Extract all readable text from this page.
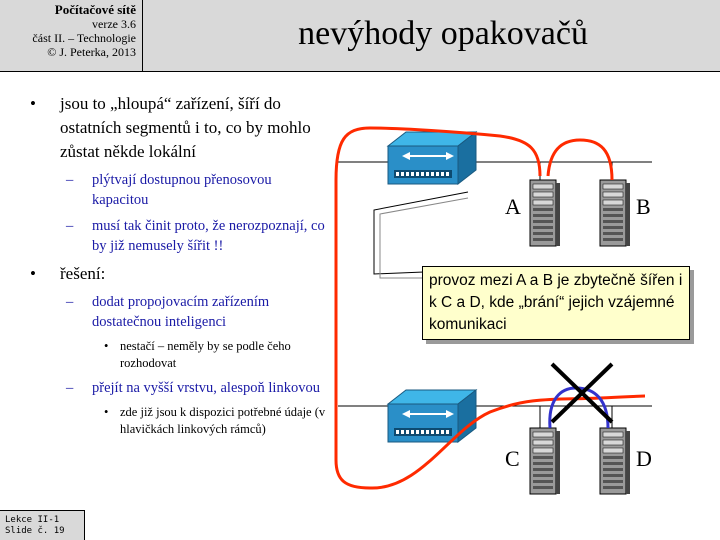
Počítačové sítě
verze 3.6
část II. – Technologie
© J. Peterka, 2013	nevýhody opakovačů
• jsou to „hloupá“ zařízení, šíří do ostatních segmentů i to, co by mohlo zůstat někde lokální
– plýtvají dostupnou přenosovou kapacitou
– musí tak činit proto, že nerozpoznají, co by již nemusely šířit !!
• řešení:
– dodat propojovacím zařízením dostatečnou inteligenci
• nestačí – neměly by se podle čeho rozhodovat
– přejít na vyšší vrstvu, alespoň linkovou
• zde již jsou k dispozici potřebné údaje (v hlavičkách linkových rámců)
A	B
C	D
provoz mezi A a B je zbytečně šířen i k C a D, kde „brání“ jejich vzájemné komunikaci
Lekce II-1
Slide č. 19
